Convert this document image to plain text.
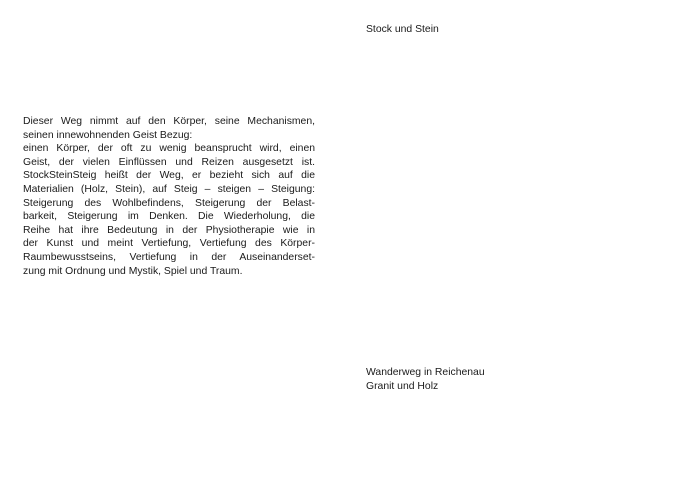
Dieser Weg nimmt auf den Körper, seine Mechanismen,
seinen innewohnenden Geist Bezug:
einen Körper, der oft zu wenig beansprucht wird, einen
Geist, der vielen Einflüssen und Reizen ausgesetzt ist.
StockSteinSteig heißt der Weg, er bezieht sich auf die
Materialien (Holz, Stein), auf Steig – steigen – Steigung:
Steigerung des Wohlbefindens, Steigerung der Belast-
barkeit, Steigerung im Denken. Die Wiederholung, die
Reihe hat ihre Bedeutung in der Physiotherapie wie in
der Kunst und meint Vertiefung, Vertiefung des Körper-
Raumbewusstseins, Vertiefung in der Auseinanderset-
zung mit Ordnung und Mystik, Spiel und Traum.
Stock und Stein
Wanderweg in Reichenau
Granit und Holz
